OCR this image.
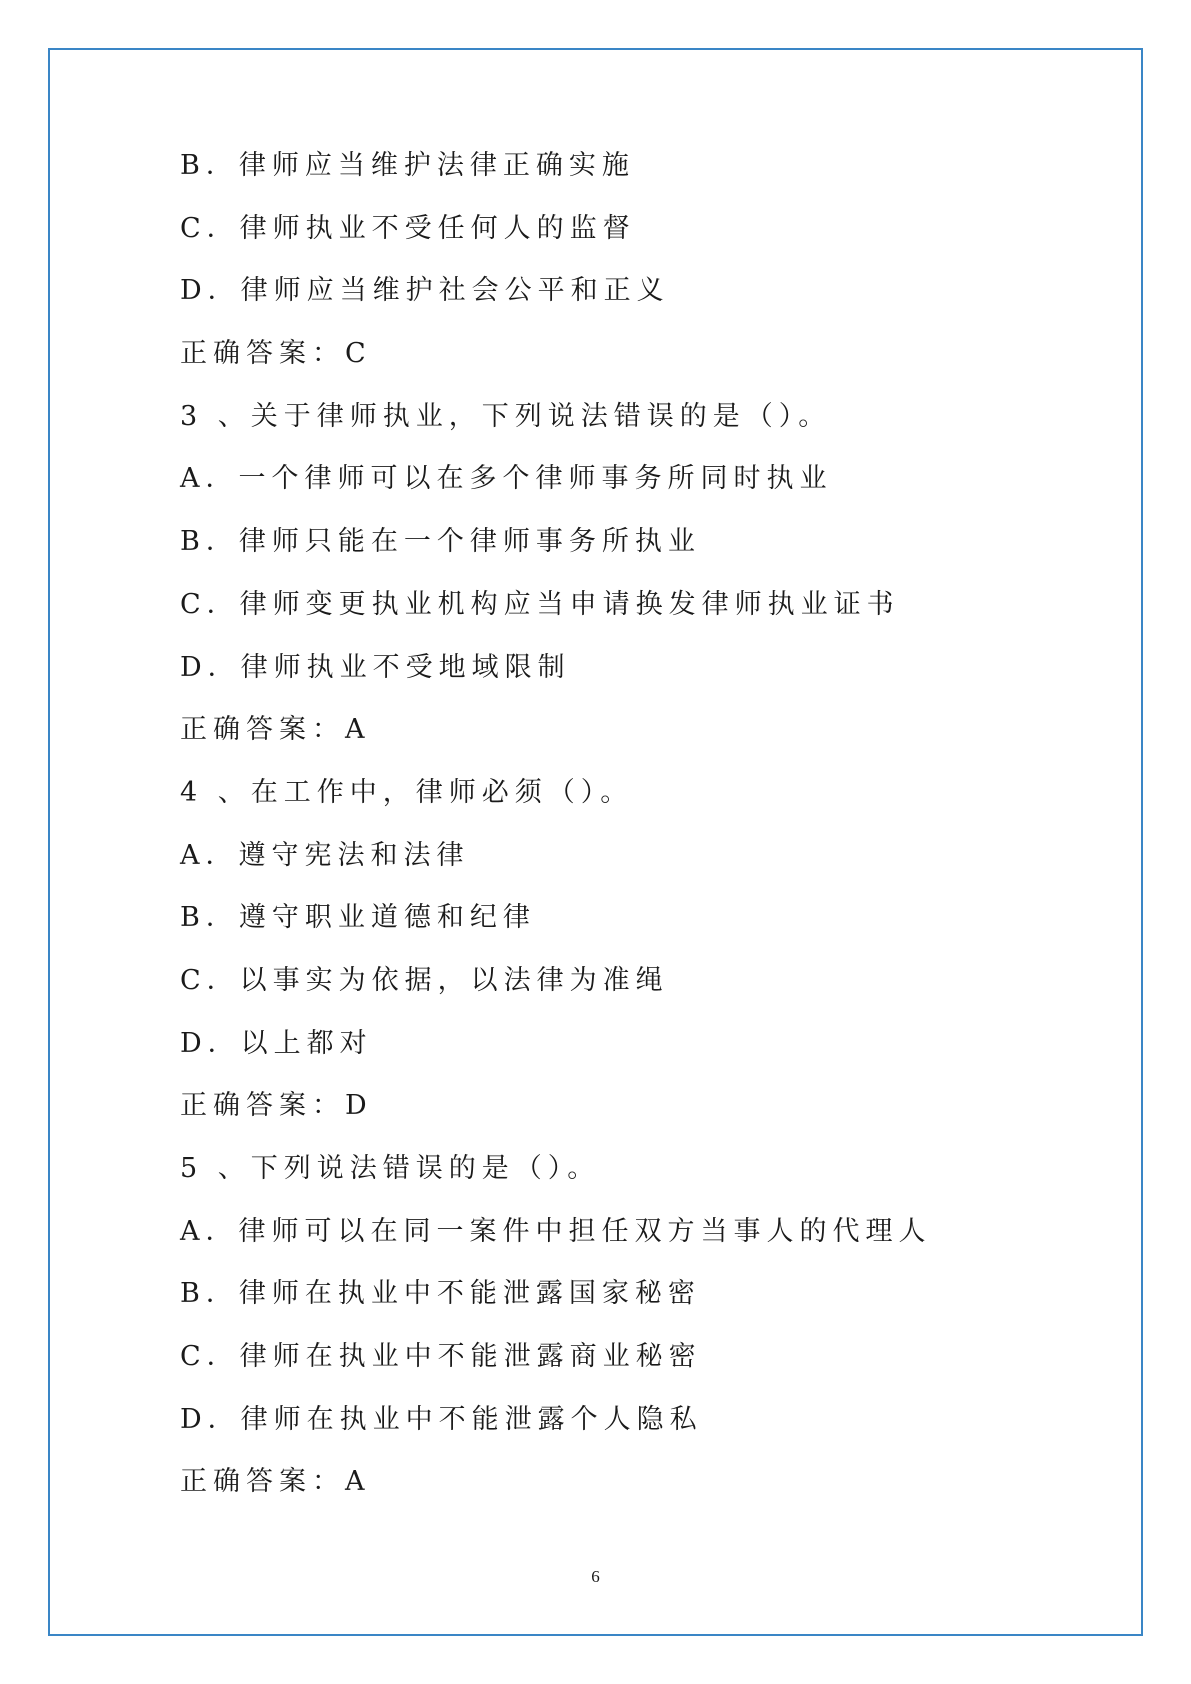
B．律师应当维护法律正确实施
C．律师执业不受任何人的监督
D．律师应当维护社会公平和正义
正确答案：C
3 、关于律师执业，下列说法错误的是（）。
A．一个律师可以在多个律师事务所同时执业
B．律师只能在一个律师事务所执业
C．律师变更执业机构应当申请换发律师执业证书
D．律师执业不受地域限制
正确答案：A
4 、在工作中，律师必须（）。
A．遵守宪法和法律
B．遵守职业道德和纪律
C．以事实为依据，以法律为准绳
D．以上都对
正确答案：D
5 、下列说法错误的是（）。
A．律师可以在同一案件中担任双方当事人的代理人
B．律师在执业中不能泄露国家秘密
C．律师在执业中不能泄露商业秘密
D．律师在执业中不能泄露个人隐私
正确答案：A
6
